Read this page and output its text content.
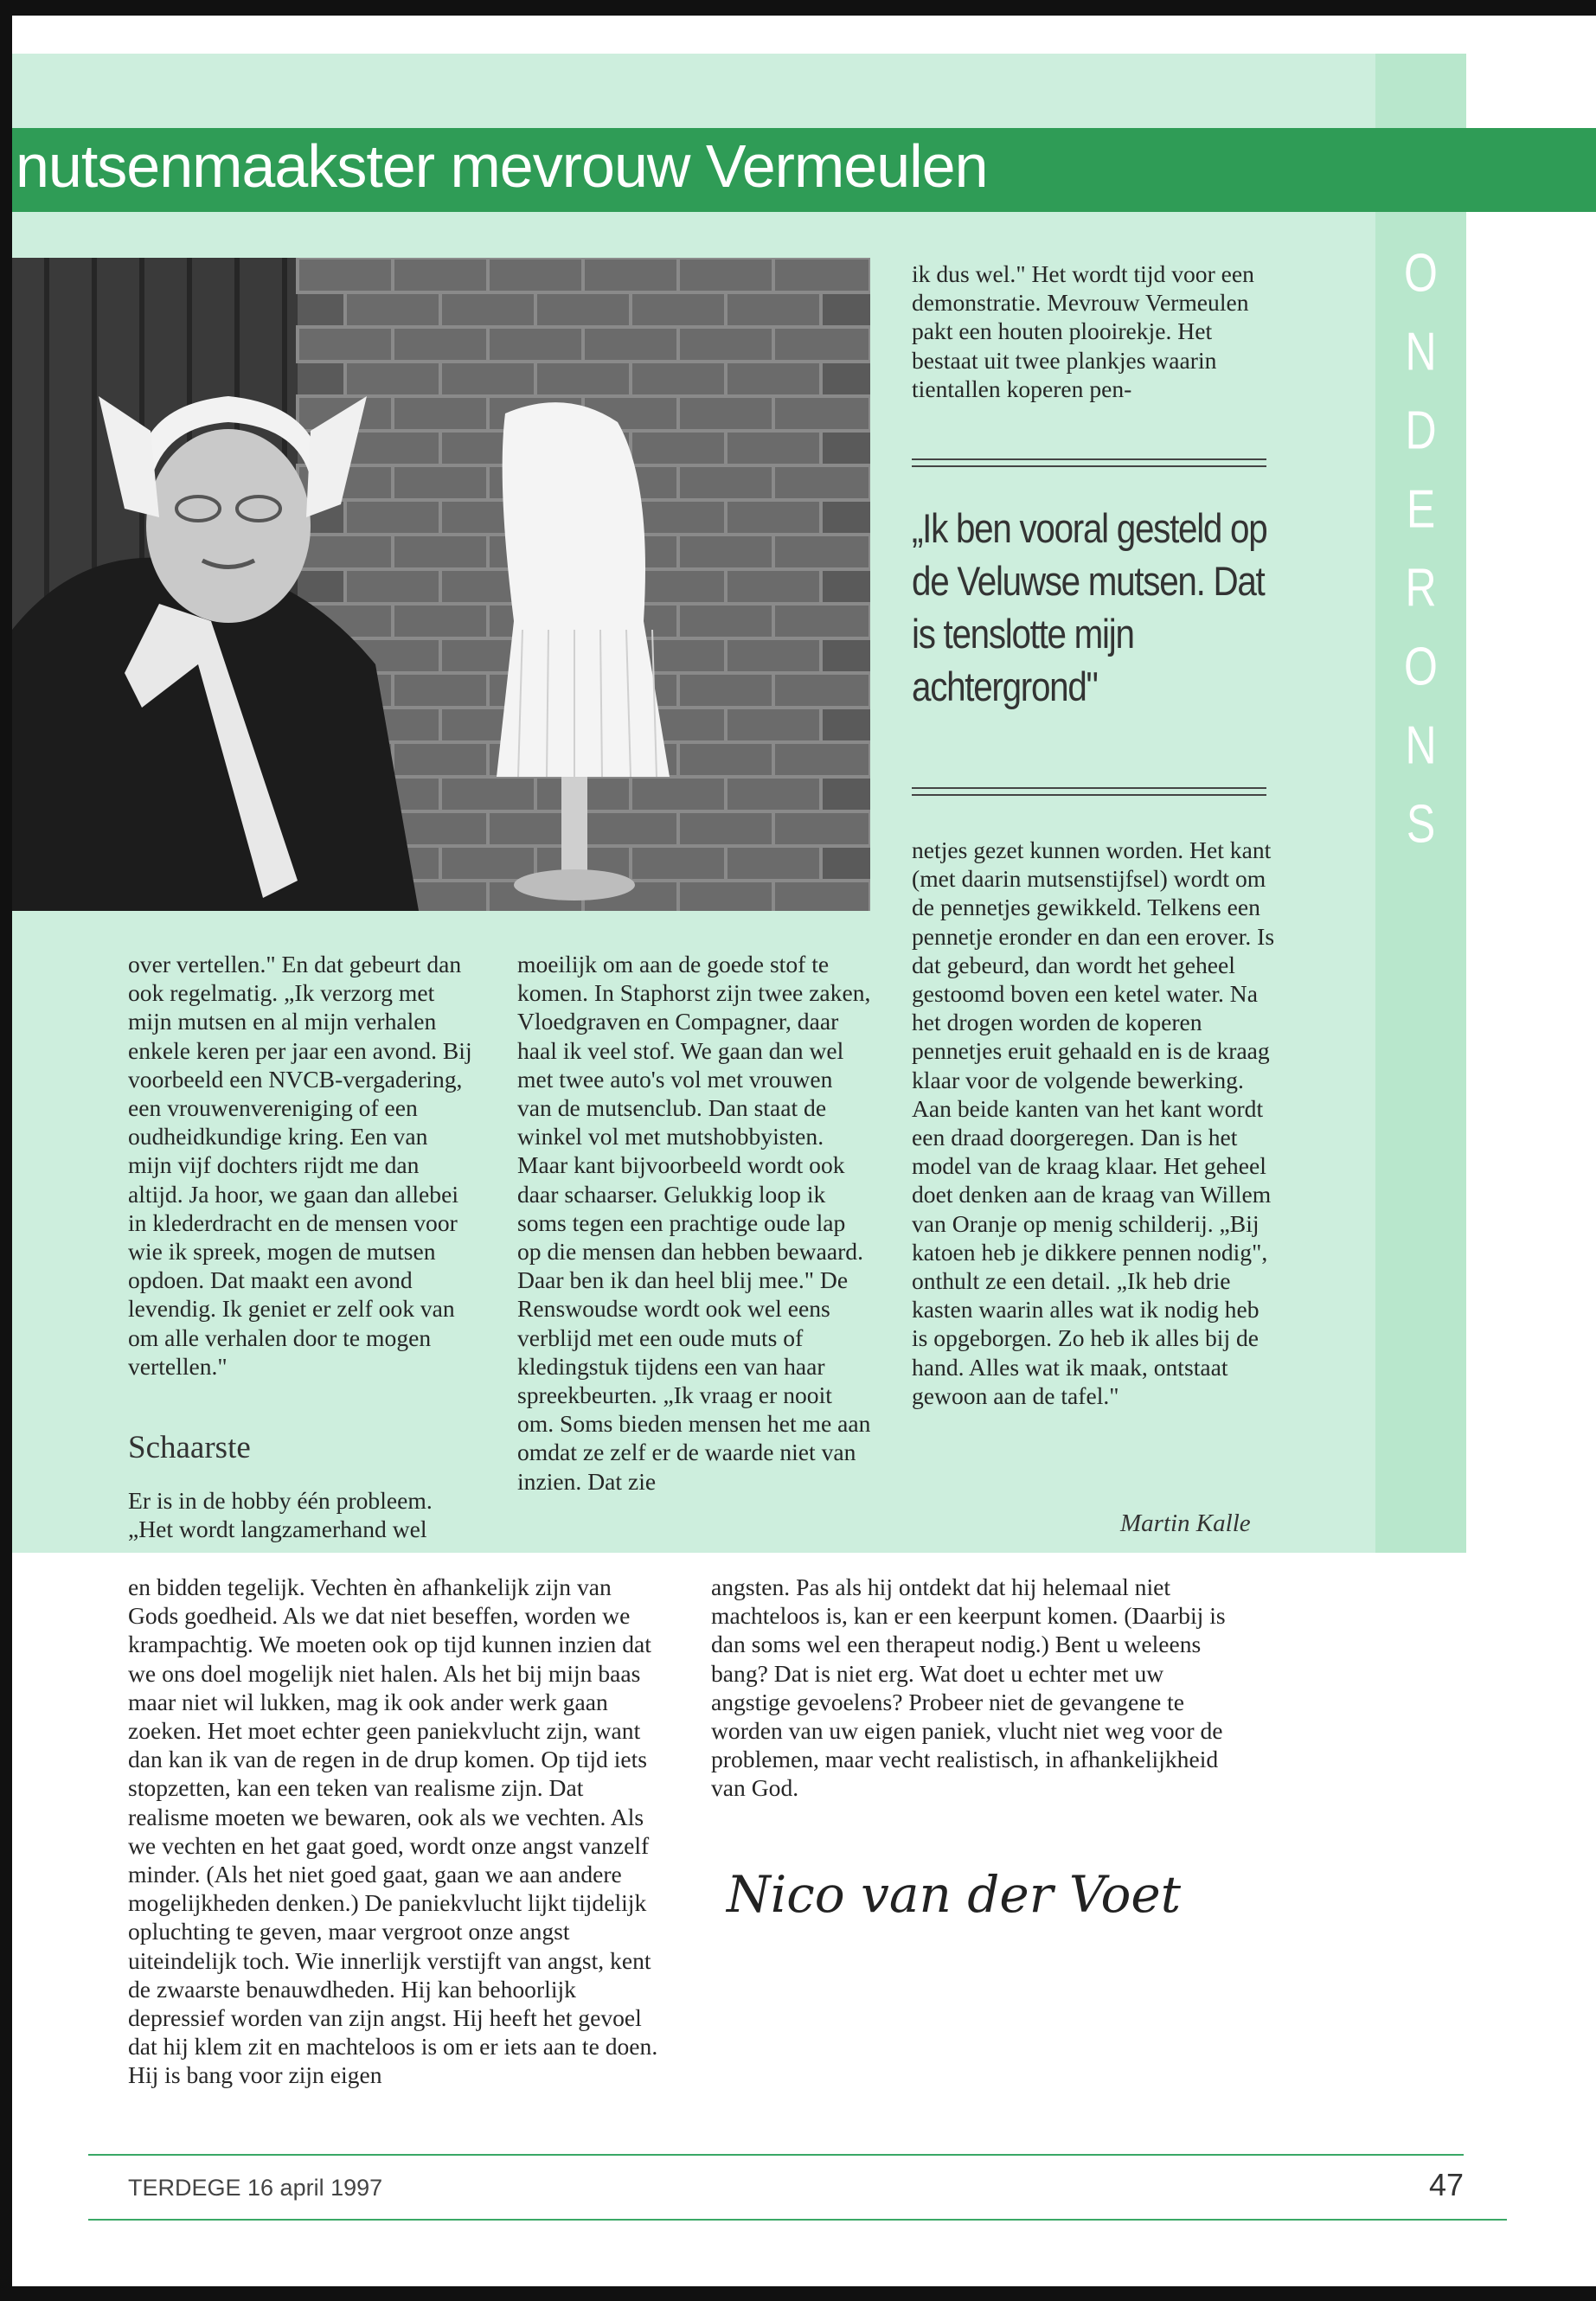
O
N
D
E
R
O
N
S
nutsenmaakster mevrouw Vermeulen

ik dus wel." Het wordt tijd voor een demonstratie. Mevrouw Vermeulen pakt een houten plooirekje. Het bestaat uit twee plankjes waarin tientallen koperen pen-

„Ik ben vooral gesteld op de Veluwse mutsen. Dat is tenslotte mijn achtergrond"

over vertellen." En dat gebeurt dan ook regelmatig. „Ik verzorg met mijn mutsen en al mijn verhalen enkele keren per jaar een avond. Bij voorbeeld een NVCB-vergadering, een vrouwenvereniging of een oudheidkundige kring. Een van mijn vijf dochters rijdt me dan altijd. Ja hoor, we gaan dan allebei in klederdracht en de mensen voor wie ik spreek, mogen de mutsen opdoen. Dat maakt een avond levendig. Ik geniet er zelf ook van om alle verhalen door te mogen vertellen."

Schaarste

Er is in de hobby één probleem. „Het wordt langzamerhand wel

moeilijk om aan de goede stof te komen. In Staphorst zijn twee zaken, Vloedgraven en Compagner, daar haal ik veel stof. We gaan dan wel met twee auto's vol met vrouwen van de mutsenclub. Dan staat de winkel vol met mutshobbyisten. Maar kant bijvoorbeeld wordt ook daar schaarser. Gelukkig loop ik soms tegen een prachtige oude lap op die mensen dan hebben bewaard. Daar ben ik dan heel blij mee." De Renswoudse wordt ook wel eens verblijd met een oude muts of kledingstuk tijdens een van haar spreekbeurten. „Ik vraag er nooit om. Soms bieden mensen het me aan omdat ze zelf er de waarde niet van inzien. Dat zie

netjes gezet kunnen worden. Het kant (met daarin mutsenstijfsel) wordt om de pennetjes gewikkeld. Telkens een pennetje eronder en dan een erover. Is dat gebeurd, dan wordt het geheel gestoomd boven een ketel water. Na het drogen worden de koperen pennetjes eruit gehaald en is de kraag klaar voor de volgende bewerking. Aan beide kanten van het kant wordt een draad doorgeregen. Dan is het model van de kraag klaar. Het geheel doet denken aan de kraag van Willem van Oranje op menig schilderij. „Bij katoen heb je dikkere pennen nodig", onthult ze een detail. „Ik heb drie kasten waarin alles wat ik nodig heb is opgeborgen. Zo heb ik alles bij de hand. Alles wat ik maak, ontstaat gewoon aan de tafel."

Martin Kalle

en bidden tegelijk. Vechten èn afhankelijk zijn van Gods goedheid. Als we dat niet beseffen, worden we krampachtig. We moeten ook op tijd kunnen inzien dat we ons doel mogelijk niet halen. Als het bij mijn baas maar niet wil lukken, mag ik ook ander werk gaan zoeken. Het moet echter geen paniekvlucht zijn, want dan kan ik van de regen in de drup komen. Op tijd iets stopzetten, kan een teken van realisme zijn. Dat realisme moeten we bewaren, ook als we vechten. Als we vechten en het gaat goed, wordt onze angst vanzelf minder. (Als het niet goed gaat, gaan we aan andere mogelijkheden denken.) De paniekvlucht lijkt tijdelijk opluchting te geven, maar vergroot onze angst uiteindelijk toch. Wie innerlijk verstijft van angst, kent de zwaarste benauwdheden. Hij kan behoorlijk depressief worden van zijn angst. Hij heeft het gevoel dat hij klem zit en machteloos is om er iets aan te doen. Hij is bang voor zijn eigen

angsten. Pas als hij ontdekt dat hij helemaal niet machteloos is, kan er een keerpunt komen. (Daarbij is dan soms wel een therapeut nodig.) Bent u weleens bang? Dat is niet erg. Wat doet u echter met uw angstige gevoelens? Probeer niet de gevangene te worden van uw eigen paniek, vlucht niet weg voor de problemen, maar vecht realistisch, in afhankelijkheid van God.

Nico van der Voet
TERDEGE 16 april 1997	47
